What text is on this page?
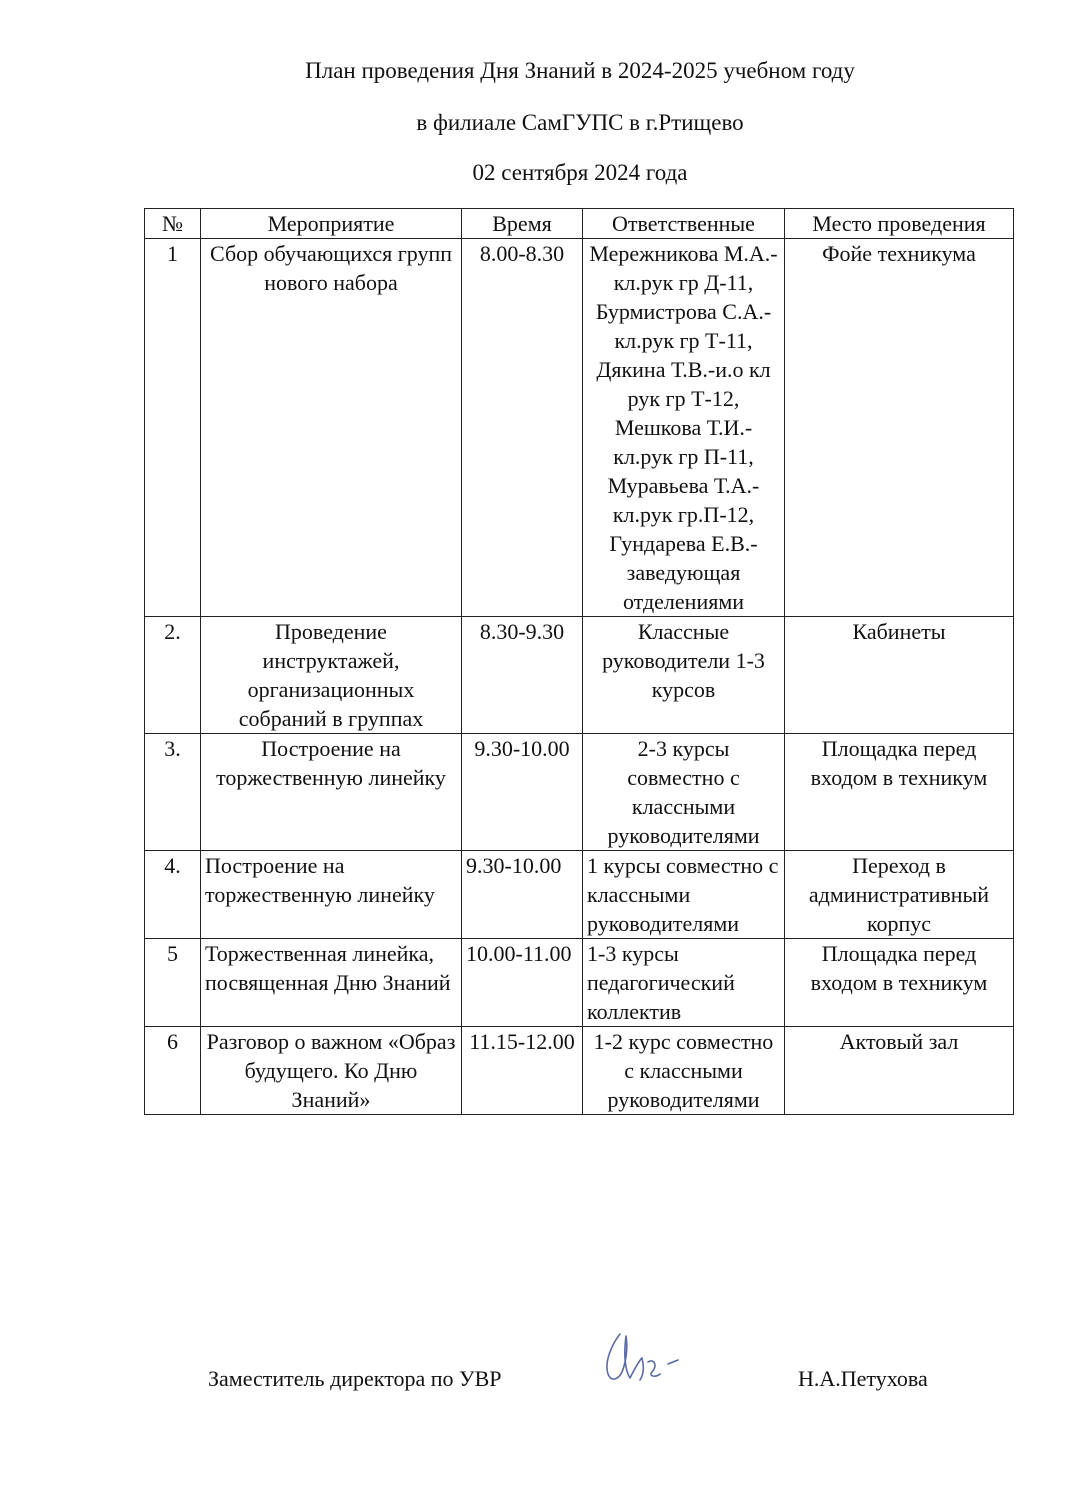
План проведения Дня Знаний в 2024-2025 учебном году
в филиале СамГУПС в г.Ртищево
02 сентября 2024 года
№	Мероприятие	Время	Ответственные	Место проведения
1	Сбор обучающихся групп нового набора	8.00-8.30	Мережникова М.А.-кл.рук гр Д-11, Бурмистрова С.А.-кл.рук гр Т-11, Дякина Т.В.-и.о кл рук гр Т-12, Мешкова Т.И.-кл.рук гр П-11, Муравьева Т.А.-кл.рук гр.П-12, Гундарева Е.В.-заведующая отделениями	Фойе техникума
2.	Проведение инструктажей, организационных собраний в группах	8.30-9.30	Классные руководители 1-3 курсов	Кабинеты
3.	Построение на торжественную линейку	9.30-10.00	2-3 курсы совместно с классными руководителями	Площадка перед входом в техникум
4.	Построение на торжественную линейку	9.30-10.00	1 курсы совместно с классными руководителями	Переход в административный корпус
5	Торжественная линейка, посвященная Дню Знаний	10.00-11.00	1-3 курсы педагогический коллектив	Площадка перед входом в техникум
6	Разговор о важном «Образ будущего. Ко Дню Знаний»	11.15-12.00	1-2 курс совместно с классными руководителями	Актовый зал
Заместитель директора по УВР	Н.А.Петухова
